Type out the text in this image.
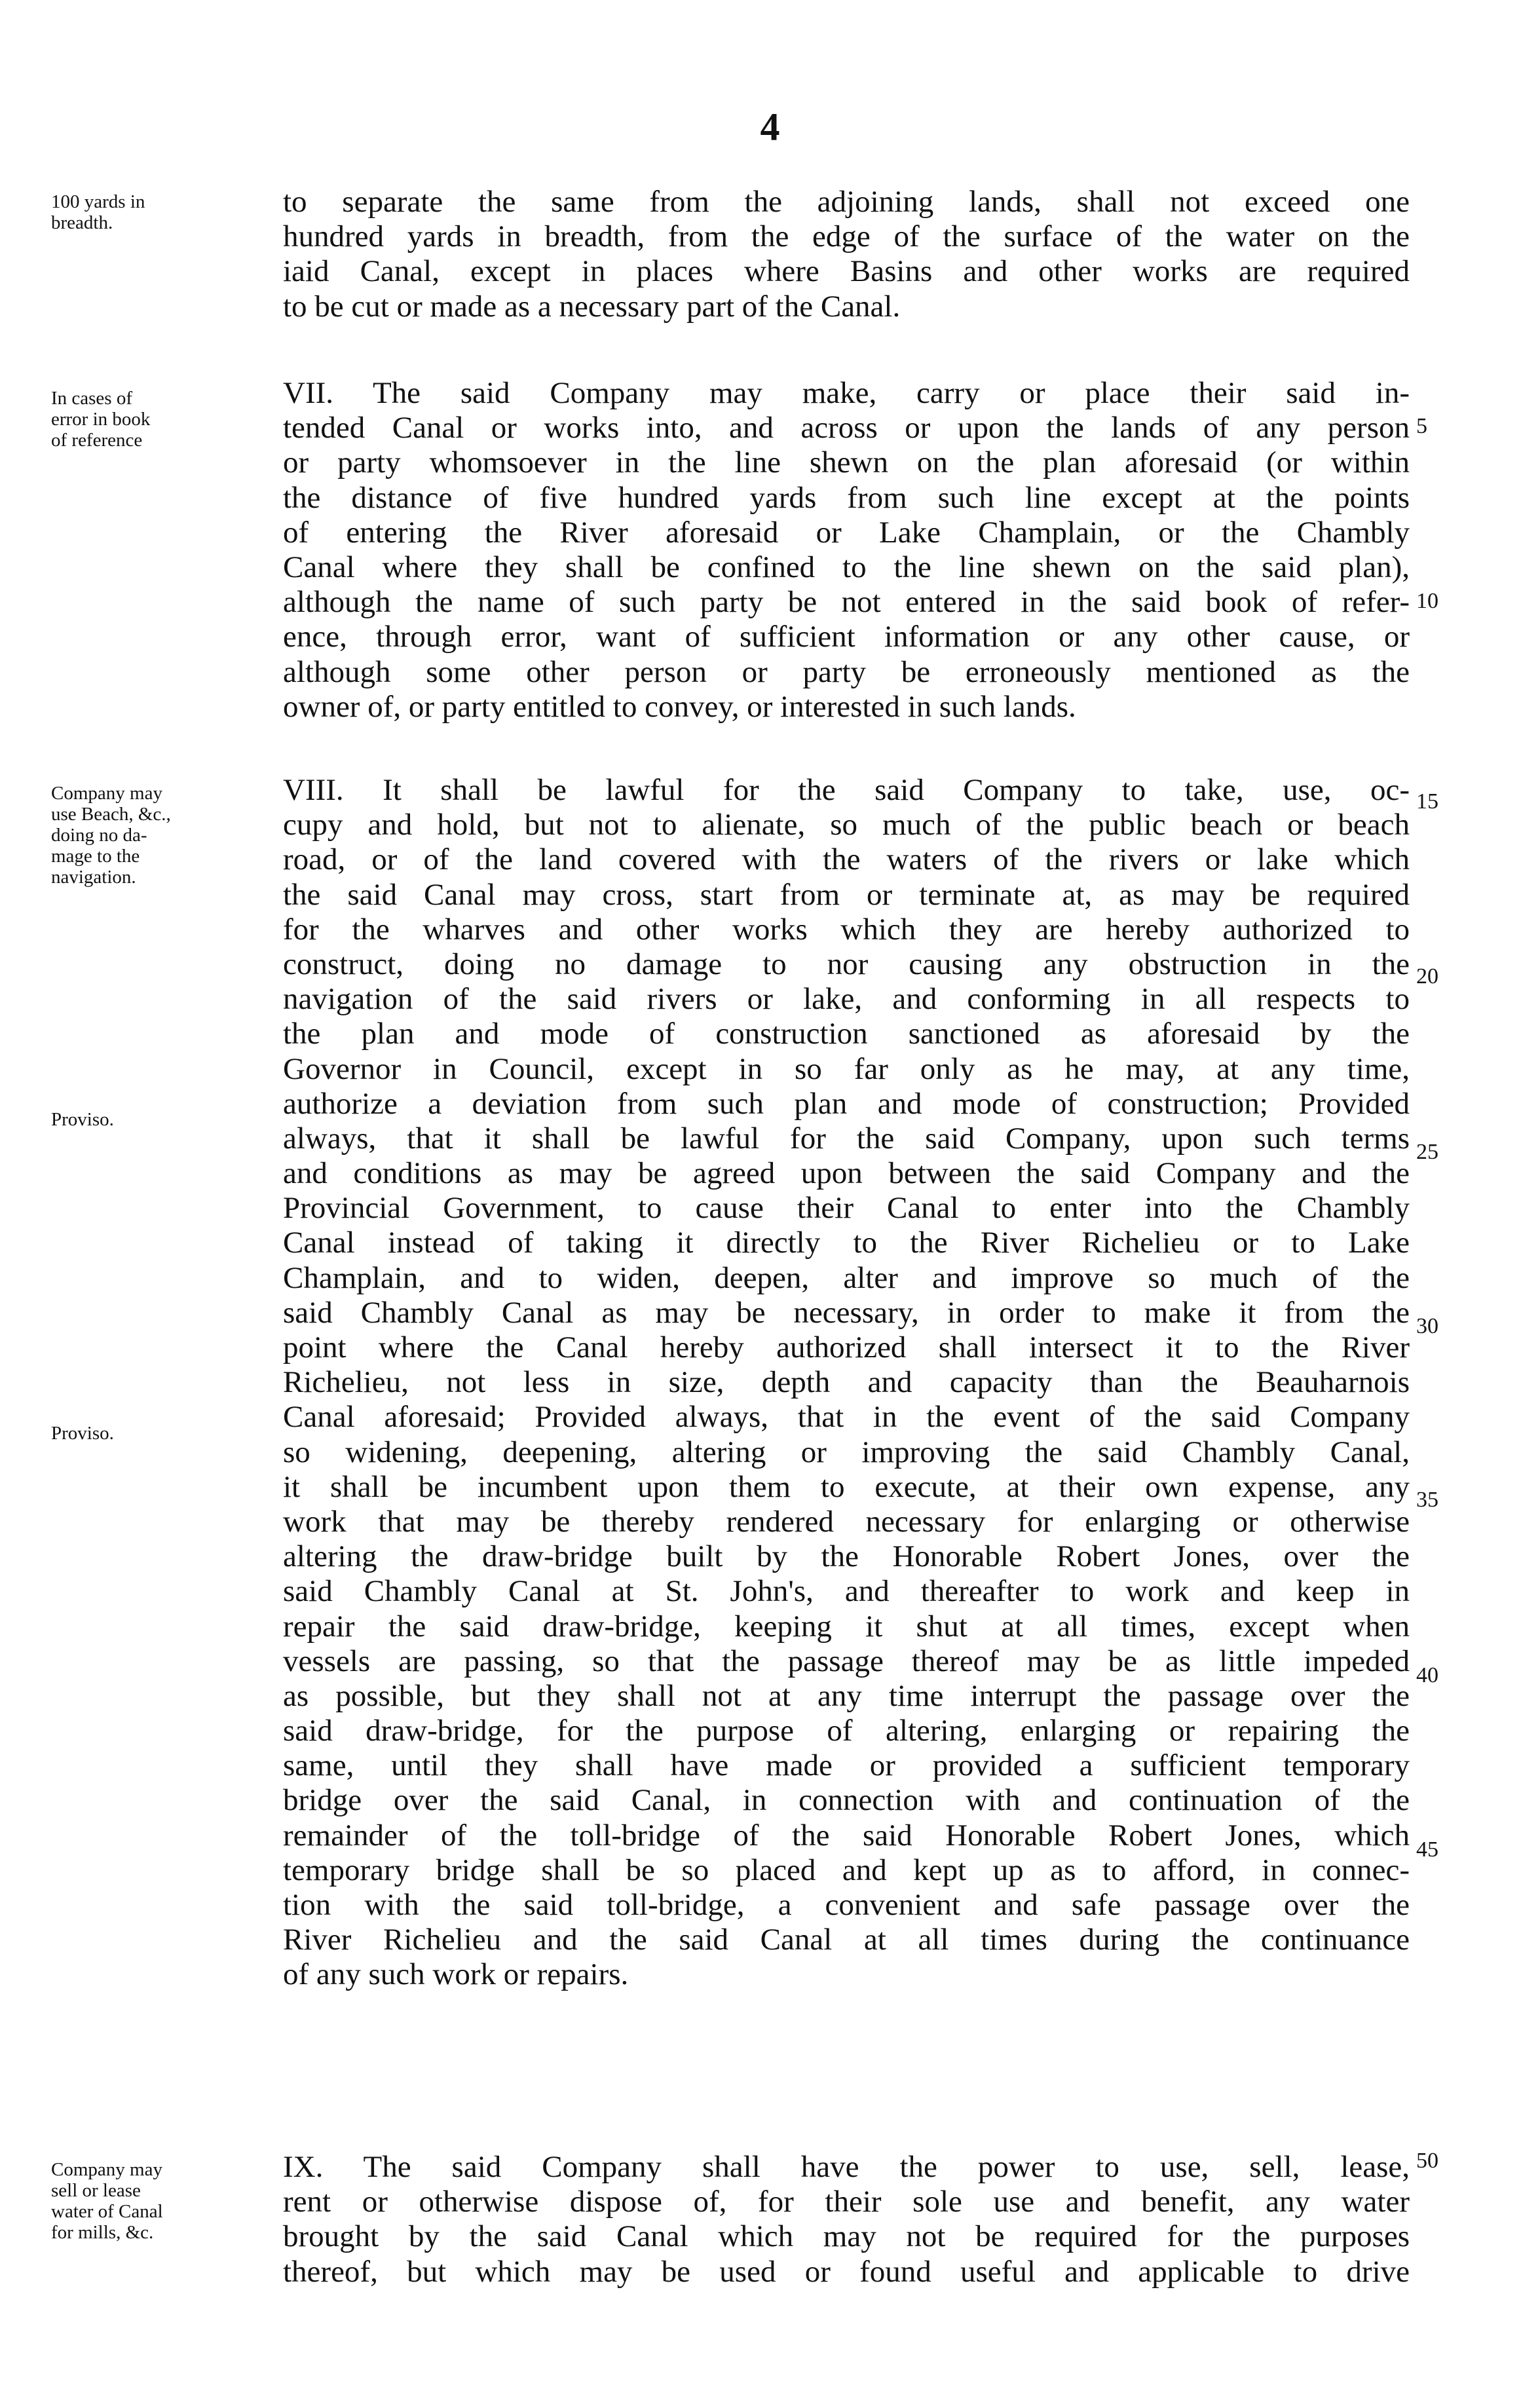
4
100 yards in
breadth.
to separate the same from the adjoining lands, shall not exceed one
hundred yards in breadth, from the edge of the surface of the water on the
iaid Canal, except in places where Basins and other works are required
to be cut or made as a necessary part of the Canal.
In cases of
error in book
of reference
VII. The said Company may make, carry or place their said in-
tended Canal or works into, and across or upon the lands of any person
or party whomsoever in the line shewn on the plan aforesaid (or within
the distance of five hundred yards from such line except at the points
of entering the River aforesaid or Lake Champlain, or the Chambly
Canal where they shall be confined to the line shewn on the said plan),
although the name of such party be not entered in the said book of refer-
ence, through error, want of sufficient information or any other cause, or
although some other person or party be erroneously mentioned as the
owner of, or party entitled to convey, or interested in such lands.
Company may
use Beach, &c.,
doing no da-
mage to the
navigation.
Proviso.
Proviso.
VIII. It shall be lawful for the said Company to take, use, oc-
cupy and hold, but not to alienate, so much of the public beach or beach
road, or of the land covered with the waters of the rivers or lake which
the said Canal may cross, start from or terminate at, as may be required
for the wharves and other works which they are hereby authorized to
construct, doing no damage to nor causing any obstruction in the
navigation of the said rivers or lake, and conforming in all respects to
the plan and mode of construction sanctioned as aforesaid by the
Governor in Council, except in so far only as he may, at any time,
authorize a deviation from such plan and mode of construction; Provided
always, that it shall be lawful for the said Company, upon such terms
and conditions as may be agreed upon between the said Company and the
Provincial Government, to cause their Canal to enter into the Chambly
Canal instead of taking it directly to the River Richelieu or to Lake
Champlain, and to widen, deepen, alter and improve so much of the
said Chambly Canal as may be necessary, in order to make it from the
point where the Canal hereby authorized shall intersect it to the River
Richelieu, not less in size, depth and capacity than the Beauharnois
Canal aforesaid; Provided always, that in the event of the said Company
so widening, deepening, altering or improving the said Chambly Canal,
it shall be incumbent upon them to execute, at their own expense, any
work that may be thereby rendered necessary for enlarging or otherwise
altering the draw-bridge built by the Honorable Robert Jones, over the
said Chambly Canal at St. John's, and thereafter to work and keep in
repair the said draw-bridge, keeping it shut at all times, except when
vessels are passing, so that the passage thereof may be as little impeded
as possible, but they shall not at any time interrupt the passage over the
said draw-bridge, for the purpose of altering, enlarging or repairing the
same, until they shall have made or provided a sufficient temporary
bridge over the said Canal, in connection with and continuation of the
remainder of the toll-bridge of the said Honorable Robert Jones, which
temporary bridge shall be so placed and kept up as to afford, in connec-
tion with the said toll-bridge, a convenient and safe passage over the
River Richelieu and the said Canal at all times during the continuance
of any such work or repairs.
Company may
sell or lease
water of Canal
for mills, &c.
IX. The said Company shall have the power to use, sell, lease,
rent or otherwise dispose of, for their sole use and benefit, any water
brought by the said Canal which may not be required for the purposes
thereof, but which may be used or found useful and applicable to drive
5
10
15
20
25
30
35
40
45
50
